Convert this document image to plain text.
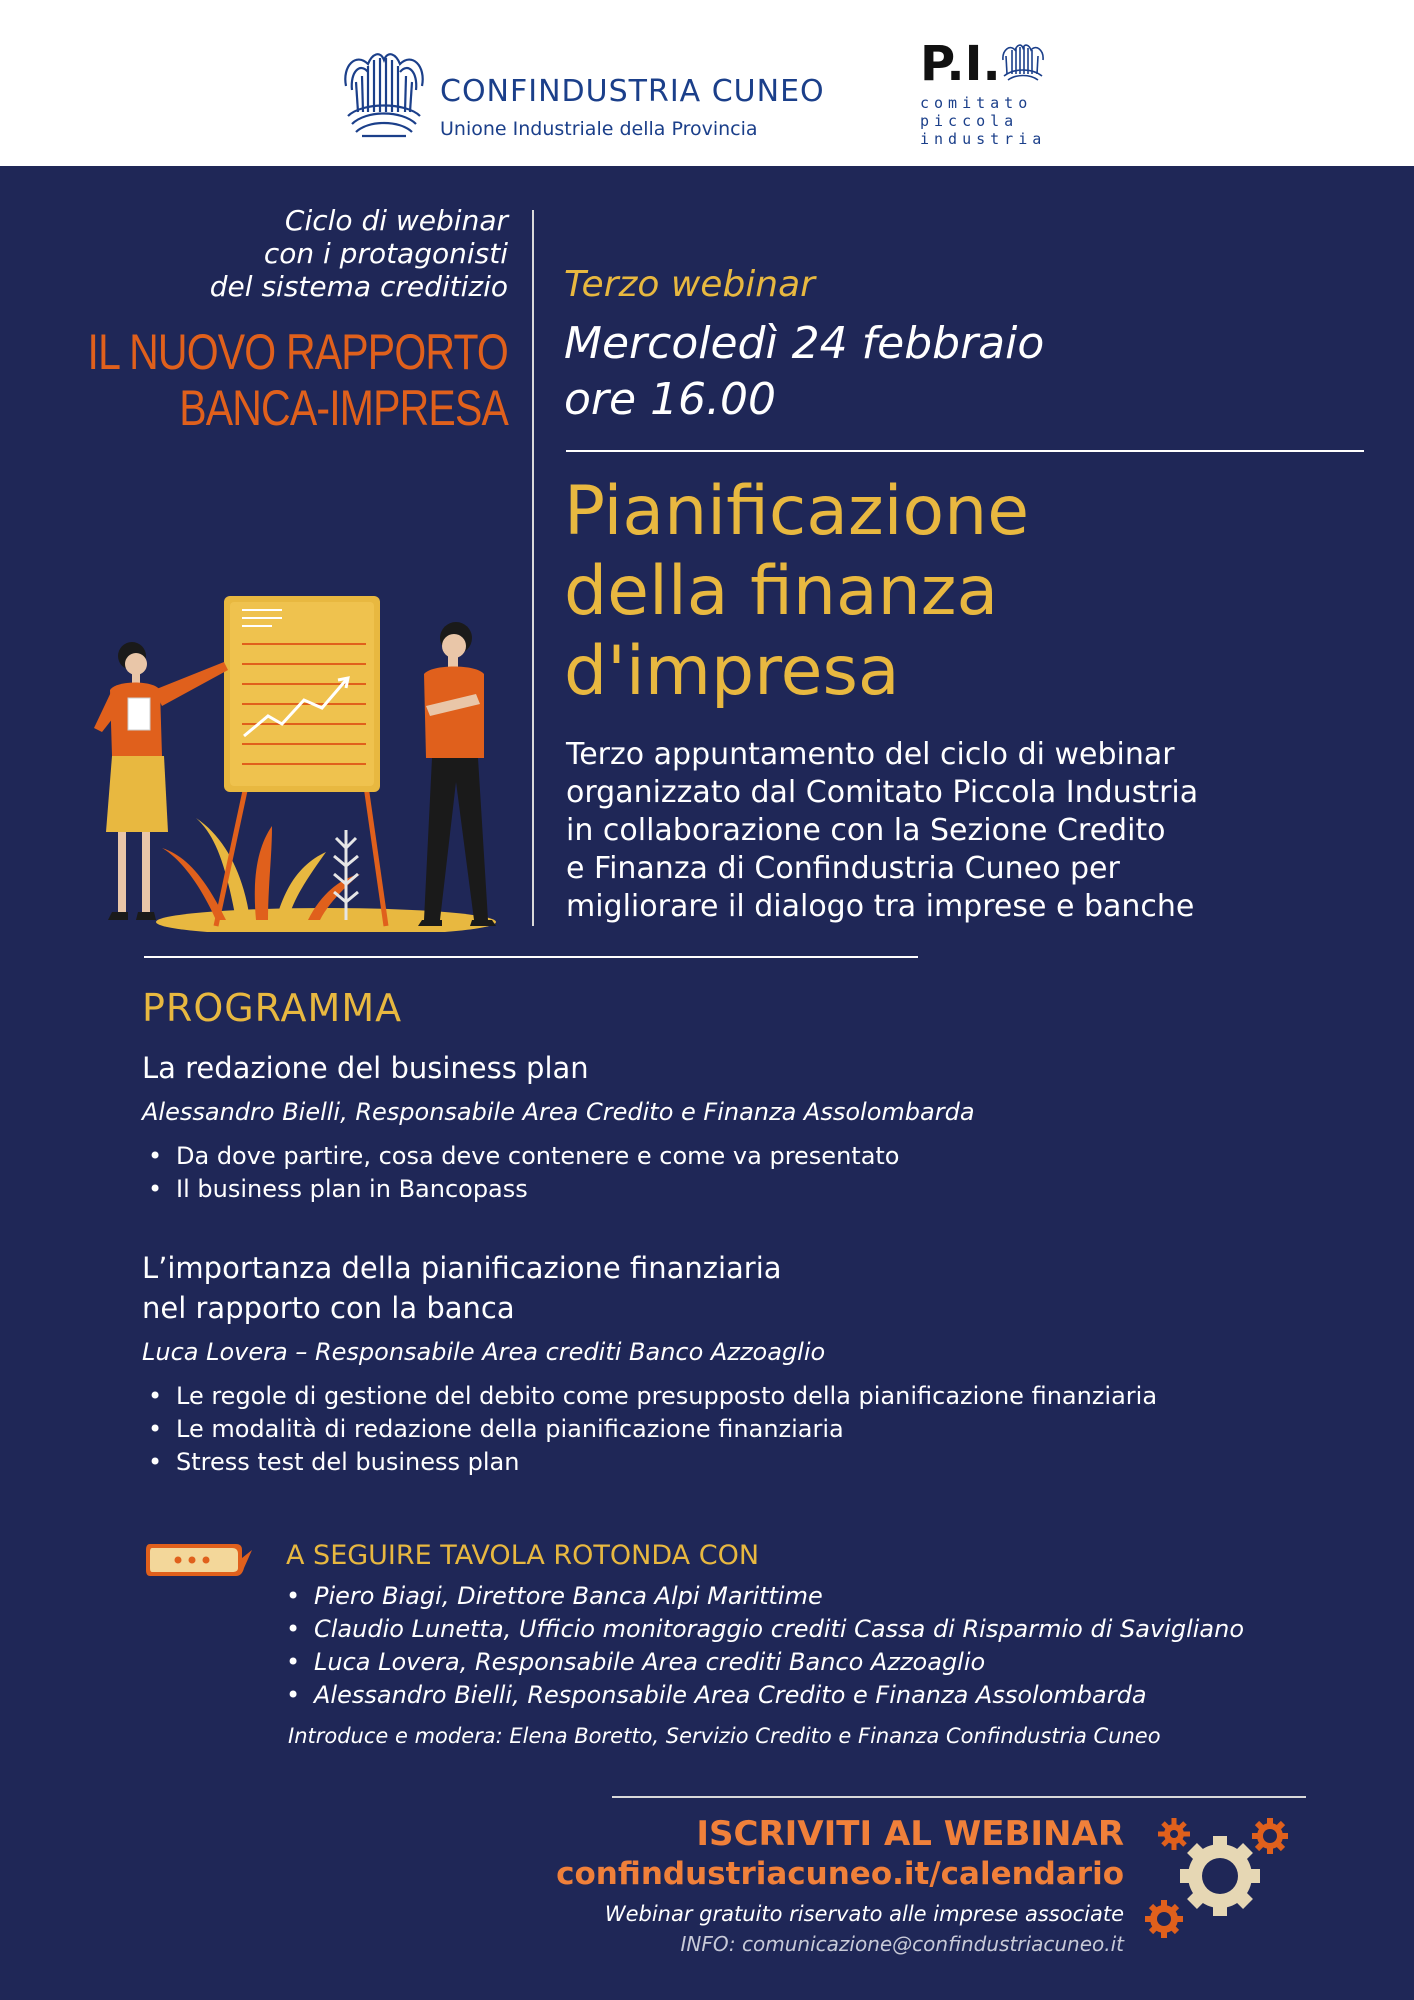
CONFINDUSTRIA CUNEO
Unione Industriale della Provincia
P.I.
comitato
piccola
industria
Ciclo di webinar
con i protagonisti
del sistema creditizio
IL NUOVO RAPPORTO
BANCA-IMPRESA
Terzo webinar
Mercoledì 24 febbraio
ore 16.00
Pianificazione
della finanza
d'impresa
Terzo appuntamento del ciclo di webinar
organizzato dal Comitato Piccola Industria
in collaborazione con la Sezione Credito
e Finanza di Confindustria Cuneo per
migliorare il dialogo tra imprese e banche
PROGRAMMA
La redazione del business plan
Alessandro Bielli, Responsabile Area Credito e Finanza Assolombarda
• Da dove partire, cosa deve contenere e come va presentato
• Il business plan in Bancopass
L’importanza della pianificazione finanziaria
nel rapporto con la banca
Luca Lovera – Responsabile Area crediti Banco Azzoaglio
• Le regole di gestione del debito come presupposto della pianificazione finanziaria
• Le modalità di redazione della pianificazione finanziaria
• Stress test del business plan
A SEGUIRE TAVOLA ROTONDA CON
• Piero Biagi, Direttore Banca Alpi Marittime
• Claudio Lunetta, Ufficio monitoraggio crediti Cassa di Risparmio di Savigliano
• Luca Lovera, Responsabile Area crediti Banco Azzoaglio
• Alessandro Bielli, Responsabile Area Credito e Finanza Assolombarda
Introduce e modera: Elena Boretto, Servizio Credito e Finanza Confindustria Cuneo
ISCRIVITI AL WEBINAR
confindustriacuneo.it/calendario
Webinar gratuito riservato alle imprese associate
INFO: comunicazione@confindustriacuneo.it
